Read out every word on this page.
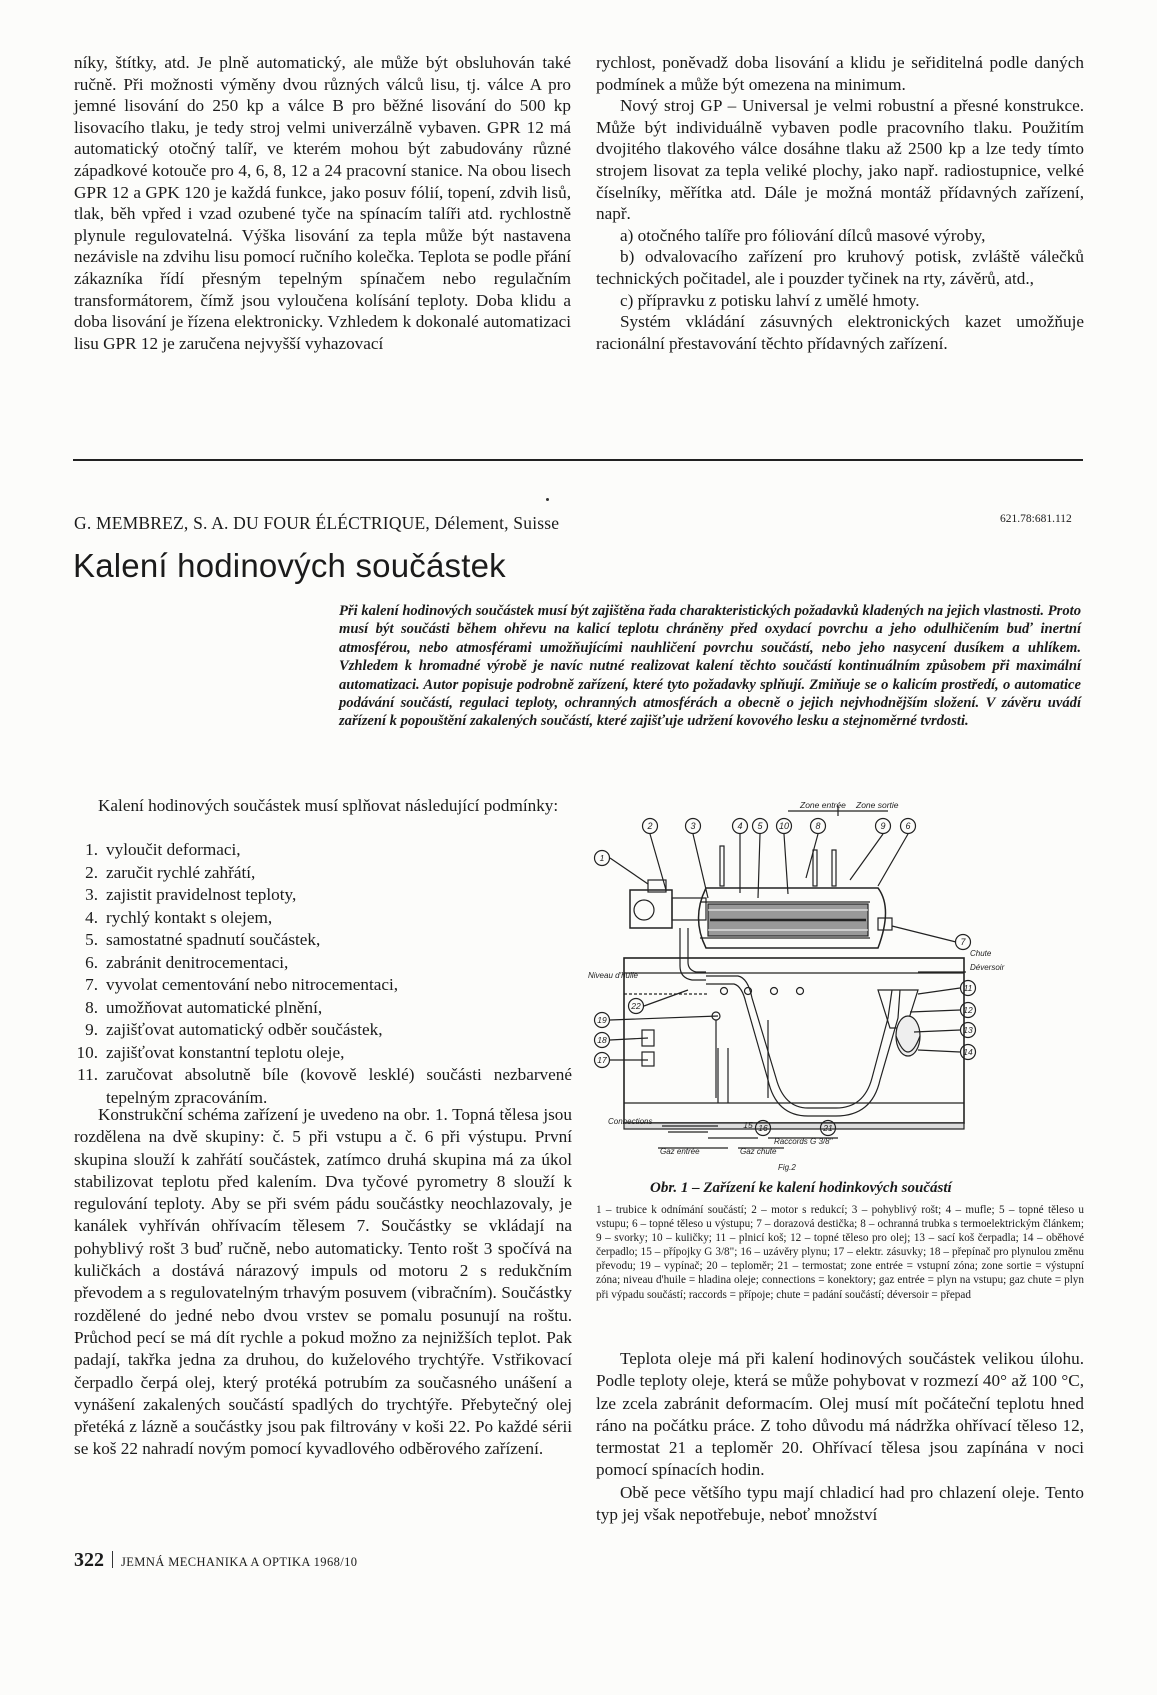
níky, štítky, atd. Je plně automatický, ale může být obsluhován také ručně. Při možnosti výměny dvou různých válců lisu, tj. válce A pro jemné lisování do 250 kp a válce B pro běžné lisování do 500 kp lisovacího tlaku, je tedy stroj velmi univerzálně vybaven. GPR 12 má automatický otočný talíř, ve kterém mohou být zabudovány různé západkové kotouče pro 4, 6, 8, 12 a 24 pracovní stanice. Na obou lisech GPR 12 a GPK 120 je každá funkce, jako posuv fólií, topení, zdvih lisů, tlak, běh vpřed i vzad ozubené tyče na spínacím talíři atd. rychlostně plynule regulovatelná. Výška lisování za tepla může být nastavena nezávisle na zdvihu lisu pomocí ručního kolečka. Teplota se podle přání zákazníka řídí přesným tepelným spínačem nebo regulačním transformátorem, čímž jsou vyloučena kolísání teploty. Doba klidu a doba lisování je řízena elektronicky. Vzhledem k dokonalé automatizaci lisu GPR 12 je zaručena nejvyšší vyhazovací

rychlost, poněvadž doba lisování a klidu je seřiditelná podle daných podmínek a může být omezena na minimum.

Nový stroj GP – Universal je velmi robustní a přesné konstrukce. Může být individuálně vybaven podle pracovního tlaku. Použitím dvojitého tlakového válce dosáhne tlaku až 2500 kp a lze tedy tímto strojem lisovat za tepla veliké plochy, jako např. radiostupnice, velké číselníky, měřítka atd. Dále je možná montáž přídavných zařízení, např.

a) otočného talíře pro fóliování dílců masové výroby,

b) odvalovacího zařízení pro kruhový potisk, zvláště válečků technických počitadel, ale i pouzder tyčinek na rty, závěrů, atd.,

c) přípravku z potisku lahví z umělé hmoty.

Systém vkládání zásuvných elektronických kazet umožňuje racionální přestavování těchto přídavných zařízení.

G. MEMBREZ, S. A. DU FOUR ÉLÉCTRIQUE, Délement, Suisse	621.78:681.112
Kalení hodinových součástek
Při kalení hodinových součástek musí být zajištěna řada charakteristických požadavků kladených na jejich vlastnosti. Proto musí být součásti během ohřevu na kalicí teplotu chráněny před oxydací povrchu a jeho odulhičením buď inertní atmosférou, nebo atmosférami umožňujícími nauhličení povrchu součástí, nebo jeho nasycení dusíkem a uhlíkem. Vzhledem k hromadné výrobě je navíc nutné realizovat kalení těchto součástí kontinuálním způsobem při maximální automatizaci. Autor popisuje podrobně zařízení, které tyto požadavky splňují. Zmiňuje se o kalicím prostředí, o automatice podávání součástí, regulaci teploty, ochranných atmosférách a obecně o jejich nejvhodnějším složení. V závěru uvádí zařízení k popouštění zakalených součástí, které zajišťuje udržení kovového lesku a stejnoměrné tvrdosti.
Kalení hodinových součástek musí splňovat následující podmínky:
1. vyloučit deformaci,
2. zaručit rychlé zahřátí,
3. zajistit pravidelnost teploty,
4. rychlý kontakt s olejem,
5. samostatné spadnutí součástek,
6. zabránit denitrocementaci,
7. vyvolat cementování nebo nitrocementaci,
8. umožňovat automatické plnění,
9. zajišťovat automatický odběr součástek,
10. zajišťovat konstantní teplotu oleje,
11. zaručovat absolutně bíle (kovově lesklé) součásti nezbarvené tepelným zpracováním.

Konstrukční schéma zařízení je uvedeno na obr. 1. Topná tělesa jsou rozdělena na dvě skupiny: č. 5 při vstupu a č. 6 při výstupu. První skupina slouží k zahřátí součástek, zatímco druhá skupina má za úkol stabilizovat teplotu před kalením. Dva tyčové pyrometry 8 slouží k regulování teploty. Aby se při svém pádu součástky neochlazovaly, je kanálek vyhříván ohřívacím tělesem 7. Součástky se vkládají na pohyblivý rošt 3 buď ručně, nebo automaticky. Tento rošt 3 spočívá na kuličkách a dostává nárazový impuls od motoru 2 s redukčním převodem a s regulovatelným trhavým posuvem (vibračním). Součástky rozdělené do jedné nebo dvou vrstev se pomalu posunují na roštu. Průchod pecí se má dít rychle a pokud možno za nejnižších teplot. Pak padají, takřka jedna za druhou, do kuželového trychtýře. Vstřikovací čerpadlo čerpá olej, který protéká potrubím za současného unášení a vynášení zakalených součástí spadlých do trychtýře. Přebytečný olej přetéká z lázně a součástky jsou pak filtrovány v koši 22. Po každé sérii se koš 22 nahradí novým pomocí kyvadlového odběrového zařízení.

Zone entrée Zone sortie
2	3	4 5 10	8	9 6
7
Chute
Déversoir
Niveau d'huile
11
12
13
14
1
22
19
18
17
Connections
16	21
15
Raccords G 3/8"
Gaz entrée	Gaz chute
Fig.2
Obr. 1 – Zařízení ke kalení hodinkových součástí
1 – trubice k odnímání součástí; 2 – motor s redukcí; 3 – pohyblivý rošt; 4 – mufle; 5 – topné těleso u vstupu; 6 – topné těleso u výstupu; 7 – dorazová destička; 8 – ochranná trubka s termoelektrickým článkem; 9 – svorky; 10 – kuličky; 11 – plnicí koš; 12 – topné těleso pro olej; 13 – sací koš čerpadla; 14 – oběhové čerpadlo; 15 – přípojky G 3/8"; 16 – uzávěry plynu; 17 – elektr. zásuvky; 18 – přepínač pro plynulou změnu převodu; 19 – vypínač; 20 – teploměr; 21 – termostat; zone entrée = vstupní zóna; zone sortie = výstupní zóna; niveau d'huile = hladina oleje; connections = konektory; gaz entrée = plyn na vstupu; gaz chute = plyn při výpadu součástí; raccords = přípoje; chute = padání součástí; déversoir = přepad

Teplota oleje má při kalení hodinových součástek velikou úlohu. Podle teploty oleje, která se může pohybovat v rozmezí 40° až 100 °C, lze zcela zabránit deformacím. Olej musí mít počáteční teplotu hned ráno na počátku práce. Z toho důvodu má nádržka ohřívací těleso 12, termostat 21 a teploměr 20. Ohřívací tělesa jsou zapínána v noci pomocí spínacích hodin.

Obě pece většího typu mají chladicí had pro chlazení oleje. Tento typ jej však nepotřebuje, neboť množství

322 JEMNÁ MECHANIKA A OPTIKA 1968/10
